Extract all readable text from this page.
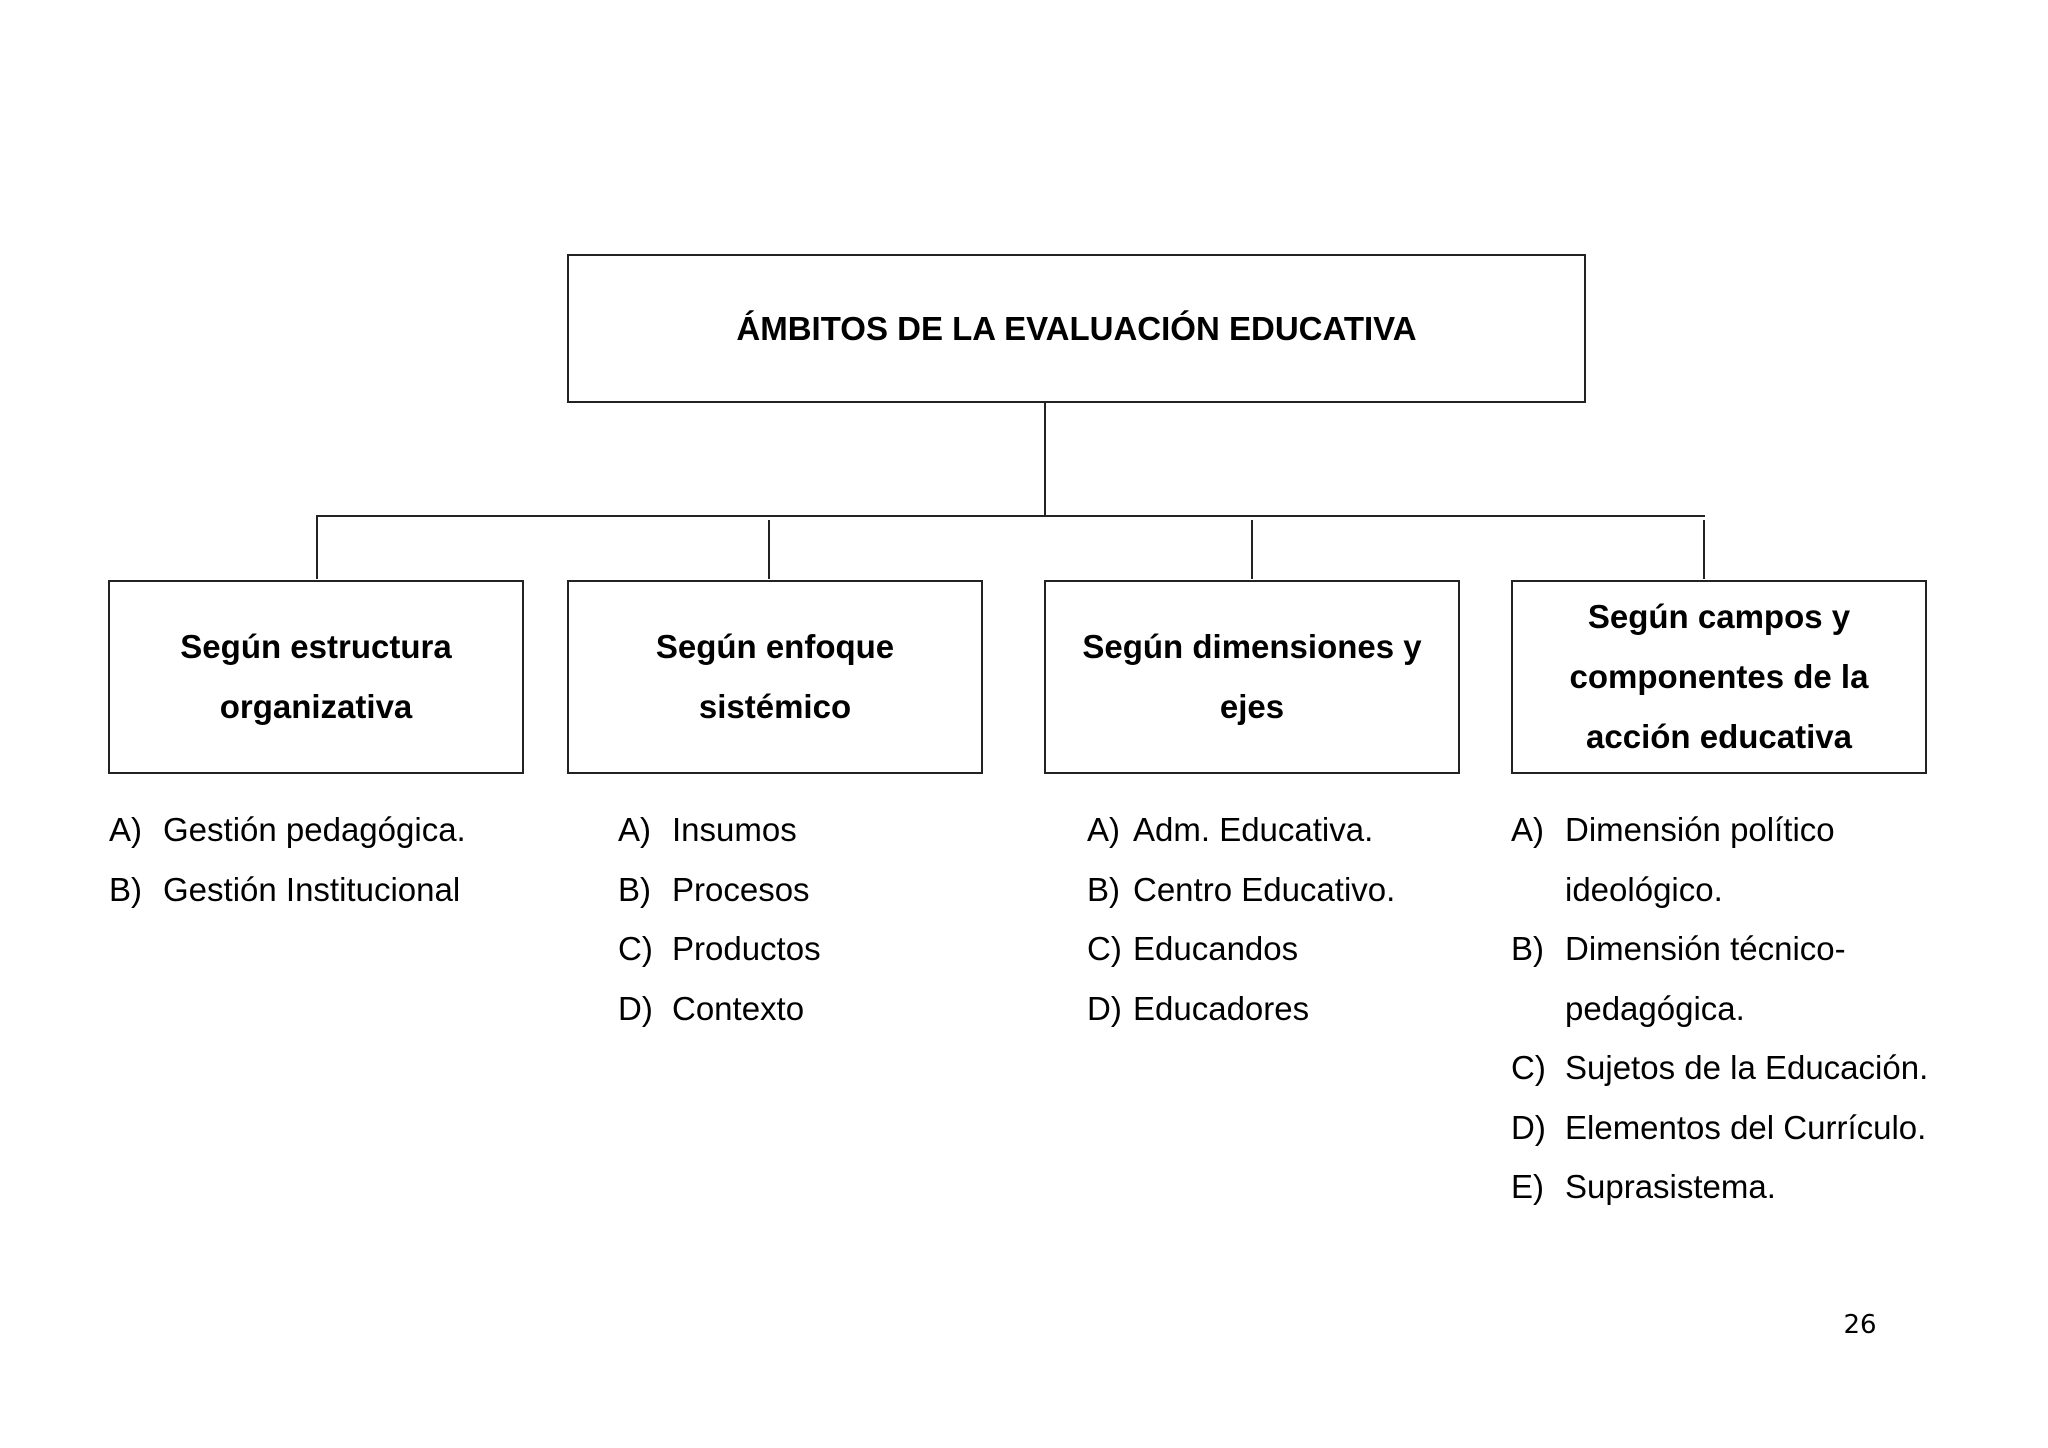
ÁMBITOS DE LA EVALUACIÓN EDUCATIVA
Según estructura
organizativa
Según enfoque
sistémico
Según dimensiones y
ejes
Según campos y
componentes de la
acción educativa
A) Gestión pedagógica.
B) Gestión Institucional
A) Insumos
B) Procesos
C) Productos
D) Contexto
A) Adm. Educativa.
B) Centro Educativo.
C) Educandos
D) Educadores
A) Dimensión político ideológico.
B) Dimensión técnico-pedagógica.
C) Sujetos de la Educación.
D) Elementos del Currículo.
E) Suprasistema.
26
